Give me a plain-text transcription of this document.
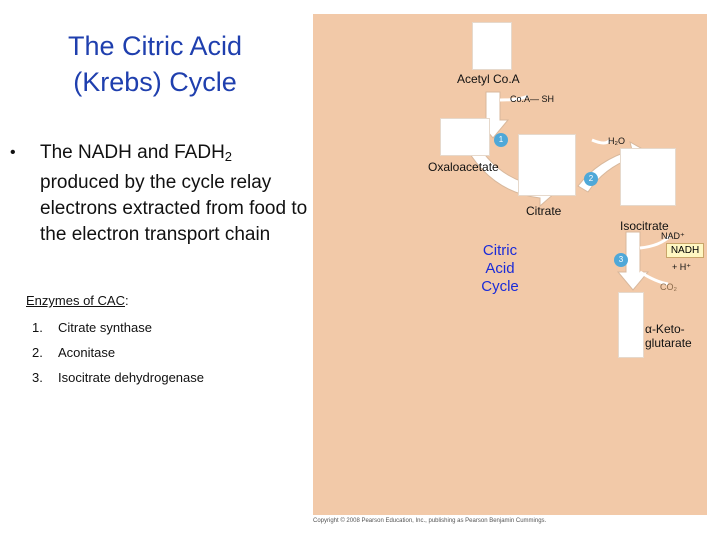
The Citric Acid
(Krebs) Cycle
• The NADH and $FADH_2$ produced by the cycle relay electrons extracted from food to the electron transport chain
Enzymes of CAC:
1. Citrate synthase
2. Aconitase
3. Isocitrate dehydrogenase
Acetyl Co.A
Co.A— SH
H₂O
Oxaloacetate
Citrate
Isocitrate
NAD⁺
NADH
+ H⁺
CO₂
α-Keto-
glutarate
Citric
Acid
Cycle
1
2
3
Copyright © 2008 Pearson Education, Inc., publishing as Pearson Benjamin Cummings.
